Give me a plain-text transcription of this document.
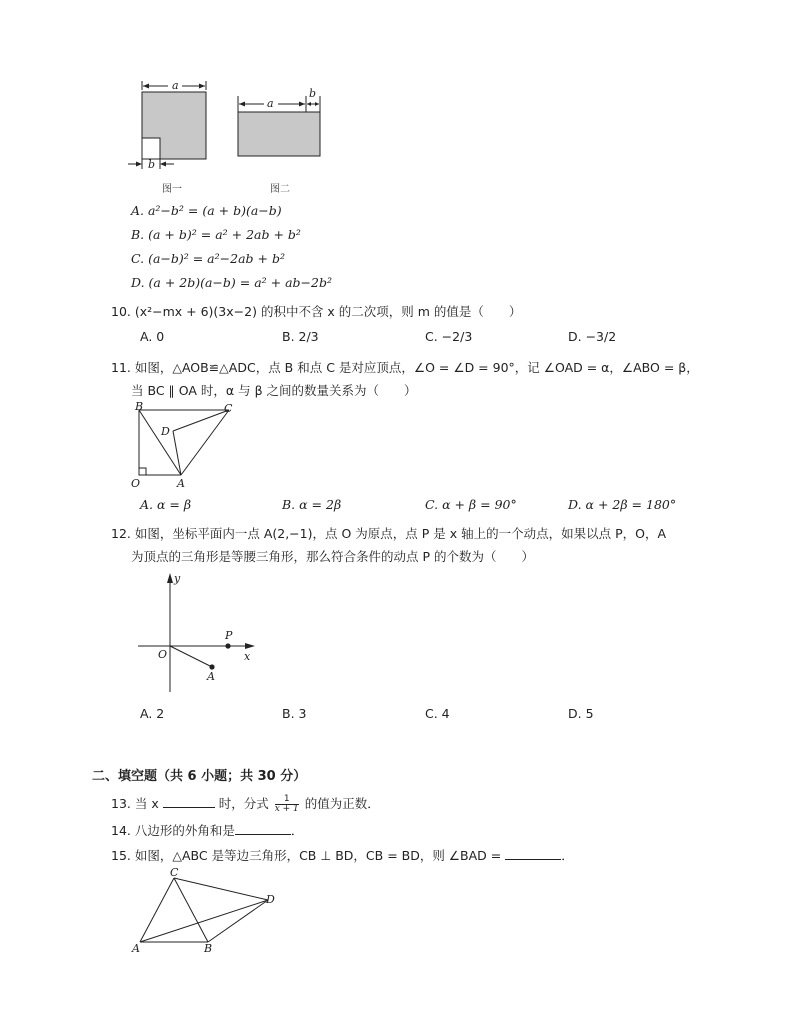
a
b
图一
a
b
图二
A. a²−b² = (a + b)(a−b)
B. (a + b)² = a² + 2ab + b²
C. (a−b)² = a²−2ab + b²
D. (a + 2b)(a−b) = a² + ab−2b²
10. (x²−mx + 6)(3x−2) 的积中不含 x 的二次项，则 m 的值是（　　）
A. 0	B. 2/3	C. −2/3	D. −3/2
11. 如图，△AOB≌△ADC，点 B 和点 C 是对应顶点，∠O = ∠D = 90°，记 ∠OAD = α，∠ABO = β，
当 BC ∥ OA 时，α 与 β 之间的数量关系为（　　）
B	C
D
O	A
A. α = β	B. α = 2β	C. α + β = 90°	D. α + 2β = 180°
12. 如图，坐标平面内一点 A(2,−1)，点 O 为原点，点 P 是 x 轴上的一个动点，如果以点 P，O，A
为顶点的三角形是等腰三角形，那么符合条件的动点 P 的个数为（　　）
y
x
O
P
A
A. 2	B. 3	C. 4	D. 5
二、填空题（共 6 小题；共 30 分）
13. 当 x	时，分式 $\frac{1}{x + 1}$ 的值为正数．
14. 八边形的外角和是	．
15. 如图，△ABC 是等边三角形，CB ⊥ BD，CB = BD，则 ∠BAD =	．
C
D
A	B
